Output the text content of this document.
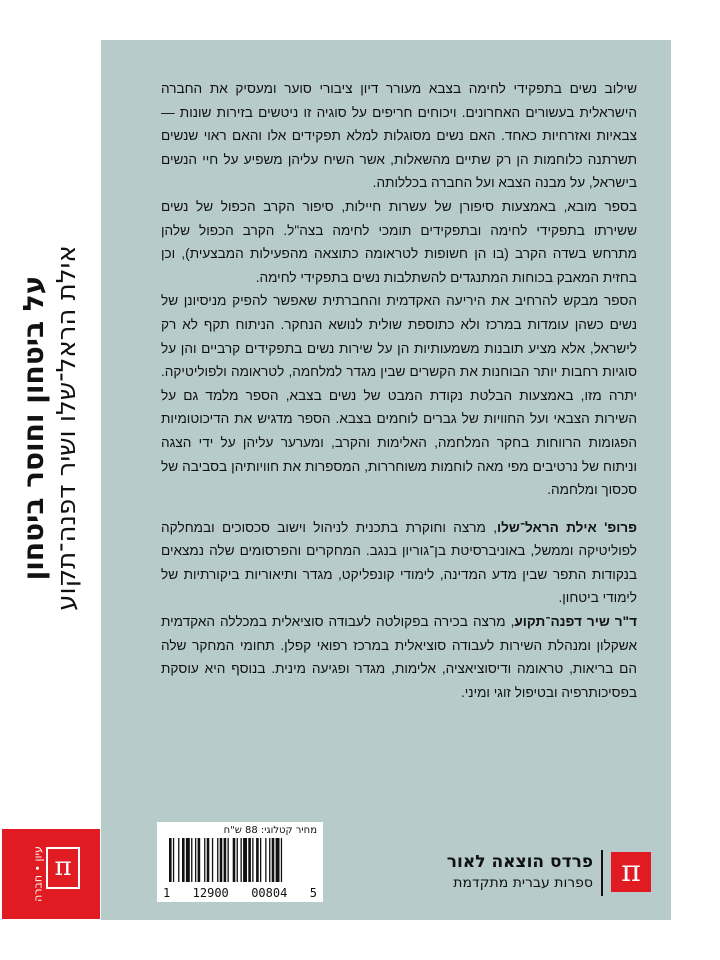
על ביטחון וחוסר ביטחון אילת הראל־שלו ושיר דפנה־תקוע
עיון • חברה π

שילוב נשים בתפקידי לחימה בצבא מעורר דיון ציבורי סוער ומעסיק את החברה הישראלית בעשורים האחרונים. ויכוחים חריפים על סוגיה זו ניטשים בזירות שונות — צבאיות ואזרחיות כאחד. האם נשים מסוגלות למלא תפקידים אלו והאם ראוי שנשים תשרתנה כלוחמות הן רק שתיים מהשאלות, אשר השיח עליהן משפיע על חיי הנשים בישראל, על מבנה הצבא ועל החברה בכללותה.

בספר מובא, באמצעות סיפורן של עשרות חיילות, סיפור הקרב הכפול של נשים ששירתו בתפקידי לחימה ובתפקידים תומכי לחימה בצה"ל. הקרב הכפול שלהן מתרחש בשדה הקרב (בו הן חשופות לטראומה כתוצאה מהפעילות המבצעית), וכן בחזית המאבק בכוחות המתנגדים להשתלבות נשים בתפקידי לחימה.

הספר מבקש להרחיב את היריעה האקדמית והחברתית שאפשר להפיק מניסיונן של נשים כשהן עומדות במרכז ולא כתוספת שולית לנושא הנחקר. הניתוח תקף לא רק לישראל, אלא מציע תובנות משמעותיות הן על שירות נשים בתפקידים קרביים והן על סוגיות רחבות יותר הבוחנות את הקשרים שבין מגדר למלחמה, לטראומה ולפוליטיקה. יתרה מזו, באמצעות הבלטת נקודת המבט של נשים בצבא, הספר מלמד גם על השירות הצבאי ועל החוויות של גברים לוחמים בצבא. הספר מדגיש את הדיכוטומיות הפגומות הרווחות בחקר המלחמה, האלימות והקרב, ומערער עליהן על ידי הצגה וניתוח של נרטיבים מפי מאה לוחמות משוחררות, המספרות את חוויותיהן בסביבה של סכסוך ומלחמה.

פרופ' אילת הראל־שלו, מרצה וחוקרת בתכנית לניהול וישוב סכסוכים ובמחלקה לפוליטיקה וממשל, באוניברסיטת בן־גוריון בנגב. המחקרים והפרסומים שלה נמצאים בנקודות התפר שבין מדע המדינה, לימודי קונפליקט, מגדר ותיאוריות ביקורתיות של לימודי ביטחון.

ד"ר שיר דפנה־תקוע, מרצה בכירה בפקולטה לעבודה סוציאלית במכללה האקדמית אשקלון ומנהלת השירות לעבודה סוציאלית במרכז רפואי קפלן. תחומי המחקר שלה הם בריאות, טראומה ודיסוציאציה, אלימות, מגדר ופגיעה מינית. בנוסף היא עוסקת בפסיכותרפיה ובטיפול זוגי ומיני.

מחיר קטלוגי: 88 ש"ח
1 12900 00804 5
π
פרדס הוצאה לאור
ספרות עברית מתקדמת
